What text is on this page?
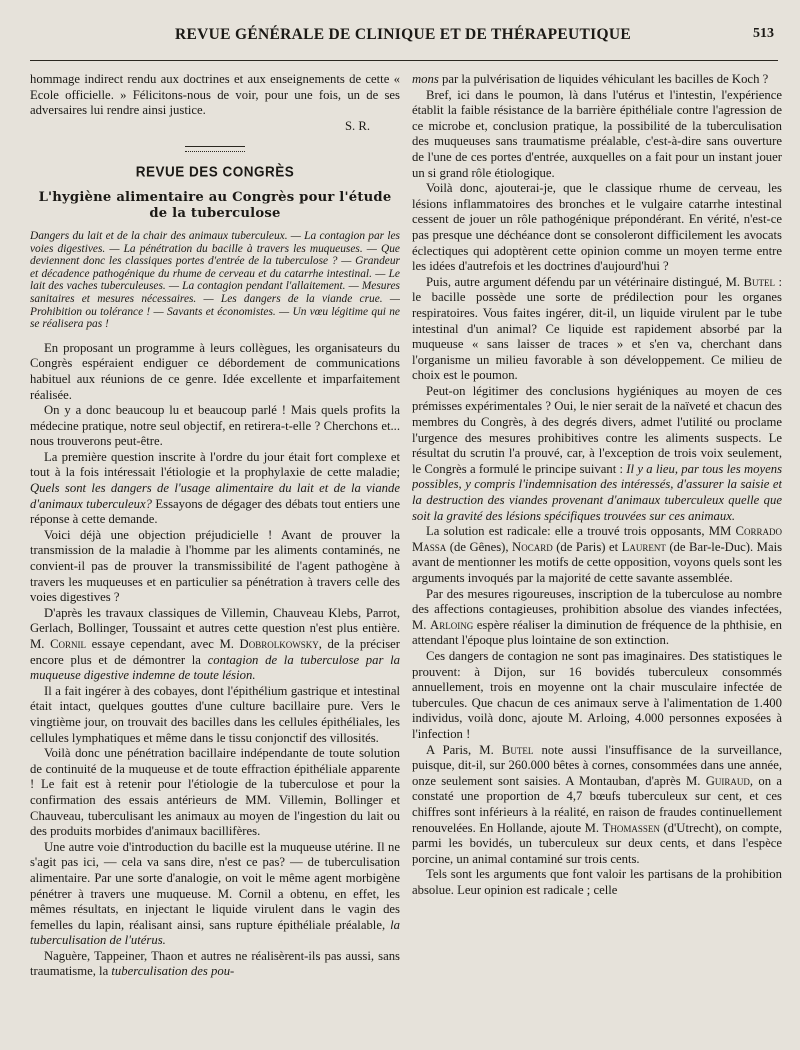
REVUE GÉNÉRALE DE CLINIQUE ET DE THÉRAPEUTIQUE	513

hommage indirect rendu aux doctrines et aux enseignements de cette « Ecole officielle. » Félicitons-nous de voir, pour une fois, un de ses adversaires lui rendre ainsi justice.

S. R.

REVUE DES CONGRÈS
L'hygiène alimentaire au Congrès pour l'étude de la tuberculose
Dangers du lait et de la chair des animaux tuberculeux. — La contagion par les voies digestives. — La pénétration du bacille à travers les muqueuses. — Que deviennent donc les classiques portes d'entrée de la tuberculose ? — Grandeur et décadence pathogénique du rhume de cerveau et du catarrhe intestinal. — Le lait des vaches tuberculeuses. — La contagion pendant l'allaitement. — Mesures sanitaires et mesures nécessaires. — Les dangers de la viande crue. — Prohibition ou tolérance ! — Savants et économistes. — Un vœu légitime qui ne se réalisera pas !

En proposant un programme à leurs collègues, les organisateurs du Congrès espéraient endiguer ce débordement de communications habituel aux réunions de ce genre. Idée excellente et imparfaitement réalisée.

On y a donc beaucoup lu et beaucoup parlé ! Mais quels profits la médecine pratique, notre seul objectif, en retirera-t-elle ? Cherchons et... nous trouverons peut-être.

La première question inscrite à l'ordre du jour était fort complexe et tout à la fois intéressait l'étiologie et la prophylaxie de cette maladie; Quels sont les dangers de l'usage alimentaire du lait et de la viande d'animaux tuberculeux? Essayons de dégager des débats tout entiers une réponse à cette demande.

Voici déjà une objection préjudicielle ! Avant de prouver la transmission de la maladie à l'homme par les aliments contaminés, ne convient-il pas de prouver la transmissibilité de l'agent pathogène à travers les muqueuses et en particulier sa pénétration à travers celle des voies digestives ?

D'après les travaux classiques de Villemin, Chauveau Klebs, Parrot, Gerlach, Bollinger, Toussaint et autres cette question n'est plus entière. M. Cornil essaye cependant, avec M. Dobrolkowsky, de la préciser encore plus et de démontrer la contagion de la tuberculose par la muqueuse digestive indemne de toute lésion.

Il a fait ingérer à des cobayes, dont l'épithélium gastrique et intestinal était intact, quelques gouttes d'une culture bacillaire pure. Vers le vingtième jour, on trouvait des bacilles dans les cellules épithéliales, les cellules lymphatiques et même dans le tissu conjonctif des villosités.

Voilà donc une pénétration bacillaire indépendante de toute solution de continuité de la muqueuse et de toute effraction épithéliale apparente ! Le fait est à retenir pour l'étiologie de la tuberculose et pour la confirmation des essais antérieurs de MM. Villemin, Bollinger et Chauveau, tuberculisant les animaux au moyen de l'ingestion du lait ou des produits morbides d'animaux bacillifères.

Une autre voie d'introduction du bacille est la muqueuse utérine. Il ne s'agit pas ici, — cela va sans dire, n'est ce pas? — de tuberculisation alimentaire. Par une sorte d'analogie, on voit le même agent morbigène pénétrer à travers une muqueuse. M. Cornil a obtenu, en effet, les mêmes résultats, en injectant le liquide virulent dans le vagin des femelles du lapin, réalisant ainsi, sans rupture épithéliale préalable, la tuberculisation de l'utérus.

Naguère, Tappeiner, Thaon et autres ne réalisèrent-ils pas aussi, sans traumatisme, la tuberculisation des pou-

mons par la pulvérisation de liquides véhiculant les bacilles de Koch ?

Bref, ici dans le poumon, là dans l'utérus et l'intestin, l'expérience établit la faible résistance de la barrière épithéliale contre l'agression de ce microbe et, conclusion pratique, la possibilité de la tuberculisation des muqueuses sans traumatisme préalable, c'est-à-dire sans ouverture de l'une de ces portes d'entrée, auxquelles on a fait pour un instant jouer un si grand rôle étiologique.

Voilà donc, ajouterai-je, que le classique rhume de cerveau, les lésions inflammatoires des bronches et le vulgaire catarrhe intestinal cessent de jouer un rôle pathogénique prépondérant. En vérité, n'est-ce pas presque une déchéance dont se consoleront difficilement les avocats éclectiques qui adoptèrent cette opinion comme un moyen terme entre les idées d'autrefois et les doctrines d'aujourd'hui ?

Puis, autre argument défendu par un vétérinaire distingué, M. Butel : le bacille possède une sorte de prédilection pour les organes respiratoires. Vous faites ingérer, dit-il, un liquide virulent par le tube intestinal d'un animal? Ce liquide est rapidement absorbé par la muqueuse « sans laisser de traces » et s'en va, cherchant dans l'organisme un milieu favorable à son développement. Ce milieu de choix est le poumon.

Peut-on légitimer des conclusions hygiéniques au moyen de ces prémisses expérimentales ? Oui, le nier serait de la naïveté et chacun des membres du Congrès, à des degrés divers, admet l'utilité ou proclame l'urgence des mesures prohibitives contre les aliments suspects. Le résultat du scrutin l'a prouvé, car, à l'exception de trois voix seulement, le Congrès a formulé le principe suivant : Il y a lieu, par tous les moyens possibles, y compris l'indemnisation des intéressés, d'assurer la saisie et la destruction des viandes provenant d'animaux tuberculeux quelle que soit la gravité des lésions spécifiques trouvées sur ces animaux.

La solution est radicale: elle a trouvé trois opposants, MM Corrado Massa (de Gênes), Nocard (de Paris) et Laurent (de Bar-le-Duc). Mais avant de mentionner les motifs de cette opposition, voyons quels sont les arguments invoqués par la majorité de cette savante assemblée.

Par des mesures rigoureuses, inscription de la tuberculose au nombre des affections contagieuses, prohibition absolue des viandes infectées, M. Arloing espère réaliser la diminution de fréquence de la phthisie, en attendant l'époque plus lointaine de son extinction.

Ces dangers de contagion ne sont pas imaginaires. Des statistiques le prouvent: à Dijon, sur 16 bovidés tuberculeux consommés annuellement, trois en moyenne ont la chair musculaire infectée de tubercules. Que chacun de ces animaux serve à l'alimentation de 1.400 individus, voilà donc, ajoute M. Arloing, 4.000 personnes exposées à l'infection !

A Paris, M. Butel note aussi l'insuffisance de la surveillance, puisque, dit-il, sur 260.000 bêtes à cornes, consommées dans une année, onze seulement sont saisies. A Montauban, d'après M. Guiraud, on a constaté une proportion de 4,7 bœufs tuberculeux sur cent, et ces chiffres sont inférieurs à la réalité, en raison de fraudes continuellement renouvelées. En Hollande, ajoute M. Thomassen (d'Utrecht), on compte, parmi les bovidés, un tuberculeux sur deux cents, et dans l'espèce porcine, un animal contaminé sur trois cents.

Tels sont les arguments que font valoir les partisans de la prohibition absolue. Leur opinion est radicale ; celle
